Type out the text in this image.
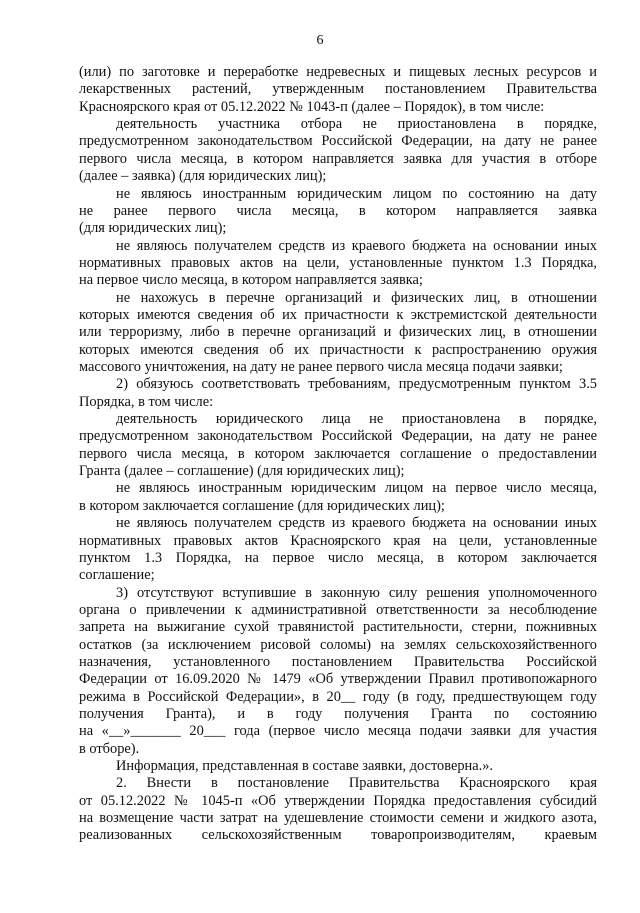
6
(или) по заготовке и переработке недревесных и пищевых лесных ресурсов и
лекарственных растений, утвержденным постановлением Правительства
Красноярского края от 05.12.2022 № 1043-п (далее – Порядок), в том числе:
деятельность участника отбора не приостановлена в порядке,
предусмотренном законодательством Российской Федерации, на дату не ранее
первого числа месяца, в котором направляется заявка для участия в отборе
(далее – заявка) (для юридических лиц);
не являюсь иностранным юридическим лицом по состоянию на дату
не ранее первого числа месяца, в котором направляется заявка
(для юридических лиц);
не являюсь получателем средств из краевого бюджета на основании иных
нормативных правовых актов на цели, установленные пунктом 1.3 Порядка,
на первое число месяца, в котором направляется заявка;
не нахожусь в перечне организаций и физических лиц, в отношении
которых имеются сведения об их причастности к экстремистской деятельности
или терроризму, либо в перечне организаций и физических лиц, в отношении
которых имеются сведения об их причастности к распространению оружия
массового уничтожения, на дату не ранее первого числа месяца подачи заявки;
2) обязуюсь соответствовать требованиям, предусмотренным пунктом 3.5
Порядка, в том числе:
деятельность юридического лица не приостановлена в порядке,
предусмотренном законодательством Российской Федерации, на дату не ранее
первого числа месяца, в котором заключается соглашение о предоставлении
Гранта (далее – соглашение) (для юридических лиц);
не являюсь иностранным юридическим лицом на первое число месяца,
в котором заключается соглашение (для юридических лиц);
не являюсь получателем средств из краевого бюджета на основании иных
нормативных правовых актов Красноярского края на цели, установленные
пунктом 1.3 Порядка, на первое число месяца, в котором заключается
соглашение;
3) отсутствуют вступившие в законную силу решения уполномоченного
органа о привлечении к административной ответственности за несоблюдение
запрета на выжигание сухой травянистой растительности, стерни, пожнивных
остатков (за исключением рисовой соломы) на землях сельскохозяйственного
назначения, установленного постановлением Правительства Российской
Федерации от 16.09.2020 № 1479 «Об утверждении Правил противопожарного
режима в Российской Федерации», в 20__ году (в году, предшествующем году
получения Гранта), и в году получения Гранта по состоянию
на «__»_______ 20___ года (первое число месяца подачи заявки для участия
в отборе).
Информация, представленная в составе заявки, достоверна.».
2. Внести в постановление Правительства Красноярского края
от 05.12.2022 № 1045-п «Об утверждении Порядка предоставления субсидий
на возмещение части затрат на удешевление стоимости семени и жидкого азота,
реализованных сельскохозяйственным товаропроизводителям, краевым
